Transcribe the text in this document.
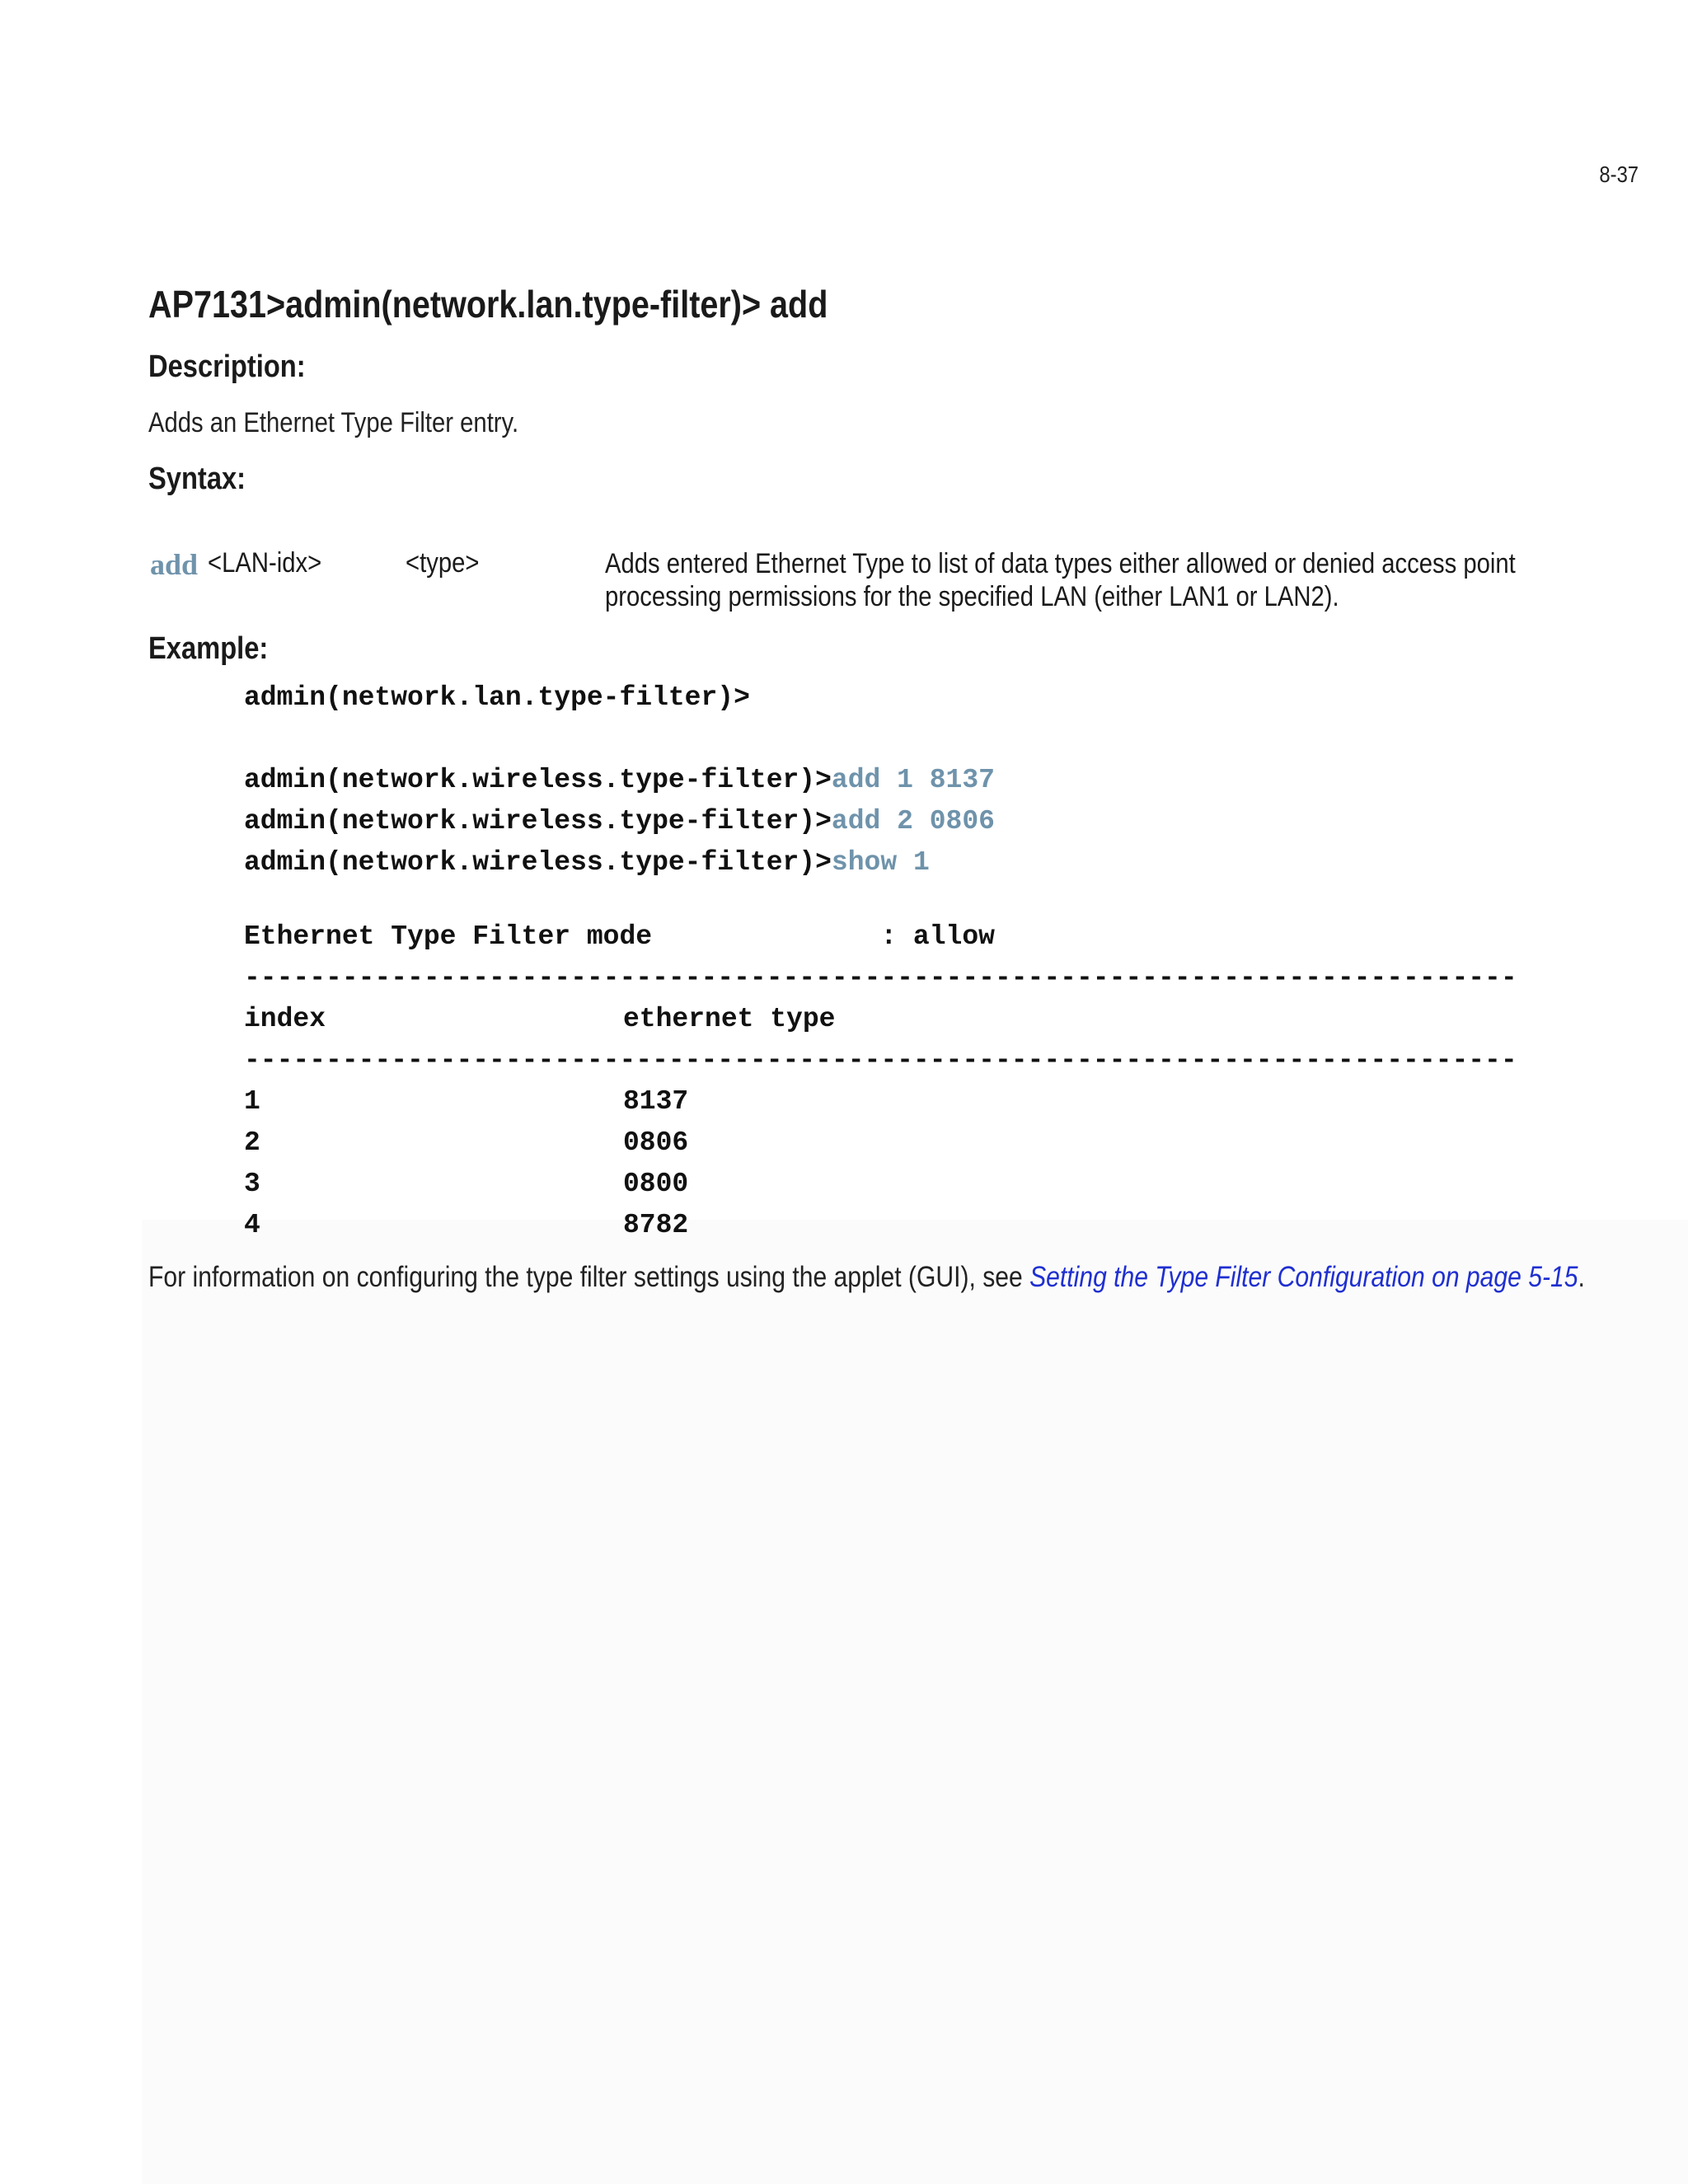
8-37
AP7131>admin(network.lan.type-filter)> add
Description:
Adds an Ethernet Type Filter entry.
Syntax:
add <LAN-idx>	<type>	Adds entered Ethernet Type to list of data types either allowed or denied access point processing permissions for the specified LAN (either LAN1 or LAN2).
Example:
admin(network.lan.type-filter)>
admin(network.wireless.type-filter)>add 1 8137
admin(network.wireless.type-filter)>add 2 0806
admin(network.wireless.type-filter)>show 1
Ethernet Type Filter mode              : allow
------------------------------------------------------------------------------
index	ethernet type
------------------------------------------------------------------------------
1	8137
2	0806
3	0800
4	8782
For information on configuring the type filter settings using the applet (GUI), see Setting the Type Filter Configuration on page 5-15.
